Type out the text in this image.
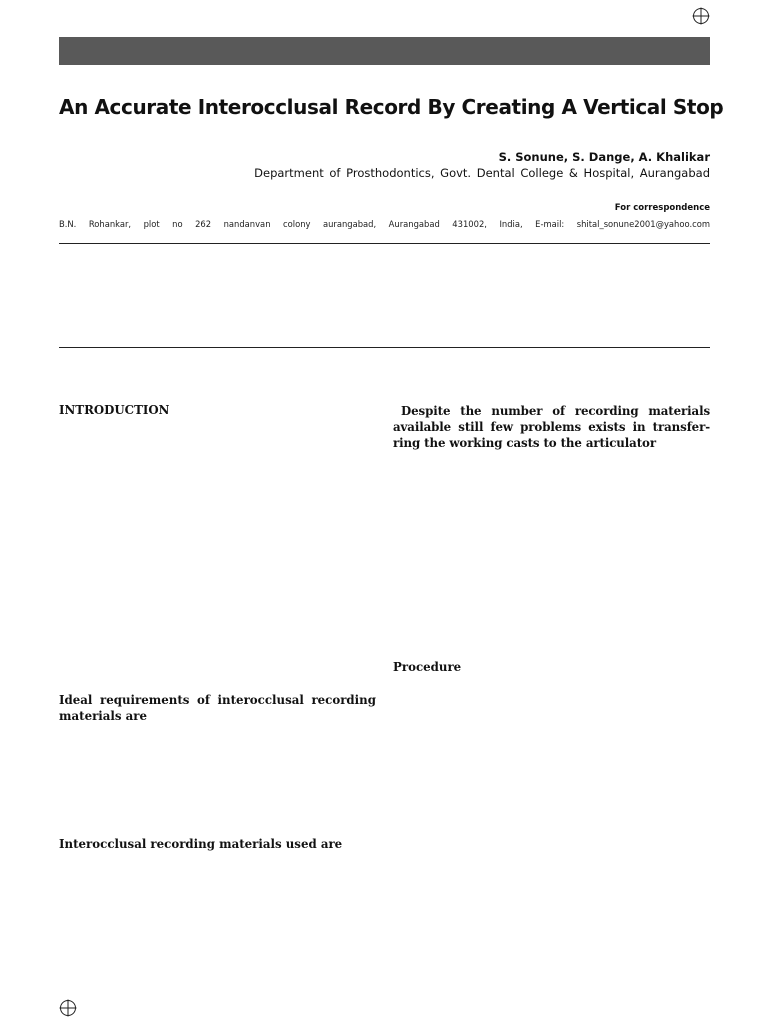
An Accurate Interocclusal Record By Creating A Vertical Stop
S. Sonune, S. Dange, A. Khalikar
Department of Prosthodontics, Govt. Dental College & Hospital, Aurangabad
For correspondence
B.N. Rohankar, plot no 262 nandanvan colony aurangabad, Aurangabad 431002, India, E-mail: shital_sonune2001@yahoo.com
INTRODUCTION	Despite the number of recording materials available still few problems exists in transfer-ring the working casts to the articulator
Procedure
Ideal requirements of interocclusal recording materials are
Interocclusal recording materials used are
